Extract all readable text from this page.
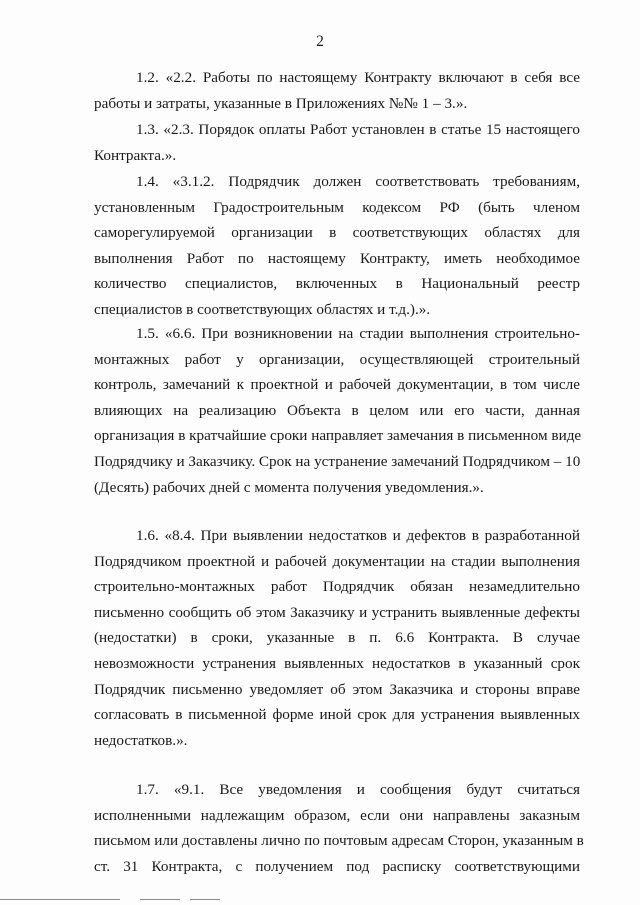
2
1.2. «2.2. Работы по настоящему Контракту включают в себя все
работы и затраты, указанные в Приложениях №№ 1 – 3.».
1.3. «2.3. Порядок оплаты Работ установлен в статье 15 настоящего
Контракта.».
1.4. «3.1.2. Подрядчик должен соответствовать требованиям,
установленным Градостроительным кодексом РФ (быть членом
саморегулируемой организации в соответствующих областях для
выполнения Работ по настоящему Контракту, иметь необходимое
количество специалистов, включенных в Национальный реестр
специалистов в соответствующих областях и т.д.).».
1.5. «6.6. При возникновении на стадии выполнения строительно-
монтажных работ у организации, осуществляющей строительный
контроль, замечаний к проектной и рабочей документации, в том числе
влияющих на реализацию Объекта в целом или его части, данная
организация в кратчайшие сроки направляет замечания в письменном виде
Подрядчику и Заказчику. Срок на устранение замечаний Подрядчиком – 10
(Десять) рабочих дней с момента получения уведомления.».
1.6. «8.4. При выявлении недостатков и дефектов в разработанной
Подрядчиком проектной и рабочей документации на стадии выполнения
строительно-монтажных работ Подрядчик обязан незамедлительно
письменно сообщить об этом Заказчику и устранить выявленные дефекты
(недостатки) в сроки, указанные в п. 6.6 Контракта. В случае
невозможности устранения выявленных недостатков в указанный срок
Подрядчик письменно уведомляет об этом Заказчика и стороны вправе
согласовать в письменной форме иной срок для устранения выявленных
недостатков.».
1.7. «9.1. Все уведомления и сообщения будут считаться
исполненными надлежащим образом, если они направлены заказным
письмом или доставлены лично по почтовым адресам Сторон, указанным в
ст. 31 Контракта, с получением под расписку соответствующими
